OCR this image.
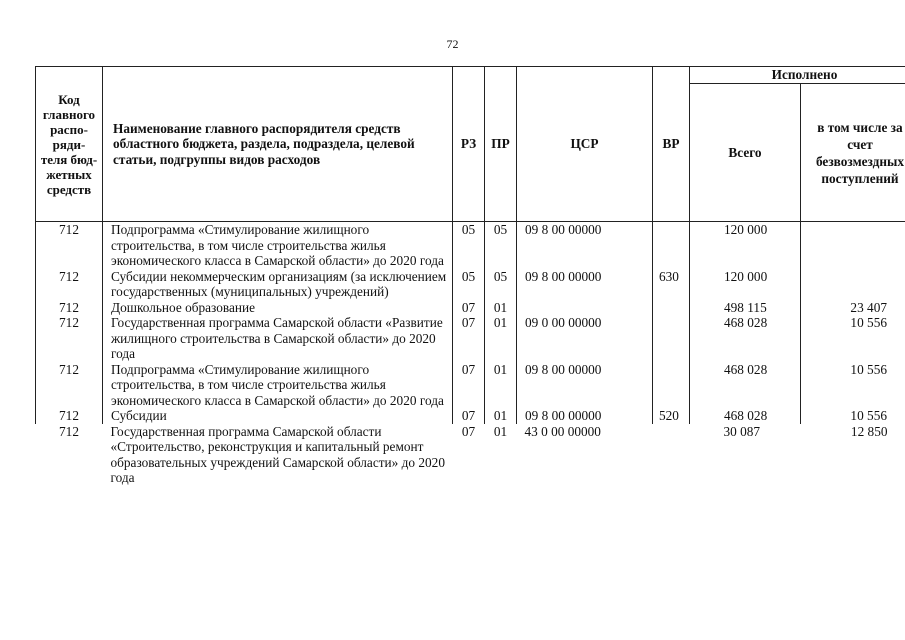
72
Код главного распо- ряди- теля бюд- жетных средств	Наименование главного распорядителя средств областного бюджета, раздела, подраздела, целевой статьи, подгруппы видов расходов	РЗ	ПР	ЦСР	ВР	Исполнено	
						Всего	в том числе за счет безвозмездных поступлений
712	Подпрограмма «Стимулирование жилищного строительства, в том числе строительства жилья экономического класса в Самарской области» до 2020 года	05	05	09 8 00 00000		120 000	
712	Субсидии некоммерческим организациям (за исключением государственных (муниципальных) учреждений)	05	05	09 8 00 00000	630	120 000	
712	Дошкольное образование	07	01			498 115	23 407
712	Государственная программа Самарской области «Развитие жилищного строительства в Самарской области» до 2020 года	07	01	09 0 00 00000		468 028	10 556
712	Подпрограмма «Стимулирование жилищного строительства, в том числе строительства жилья экономического класса в Самарской области» до 2020 года	07	01	09 8 00 00000		468 028	10 556
712	Субсидии	07	01	09 8 00 00000	520	468 028	10 556
712	Государственная программа Самарской области «Строительство, реконструкция и капитальный ремонт образовательных учреждений Самарской области» до 2020 года	07	01	43 0 00 00000		30 087	12 850
